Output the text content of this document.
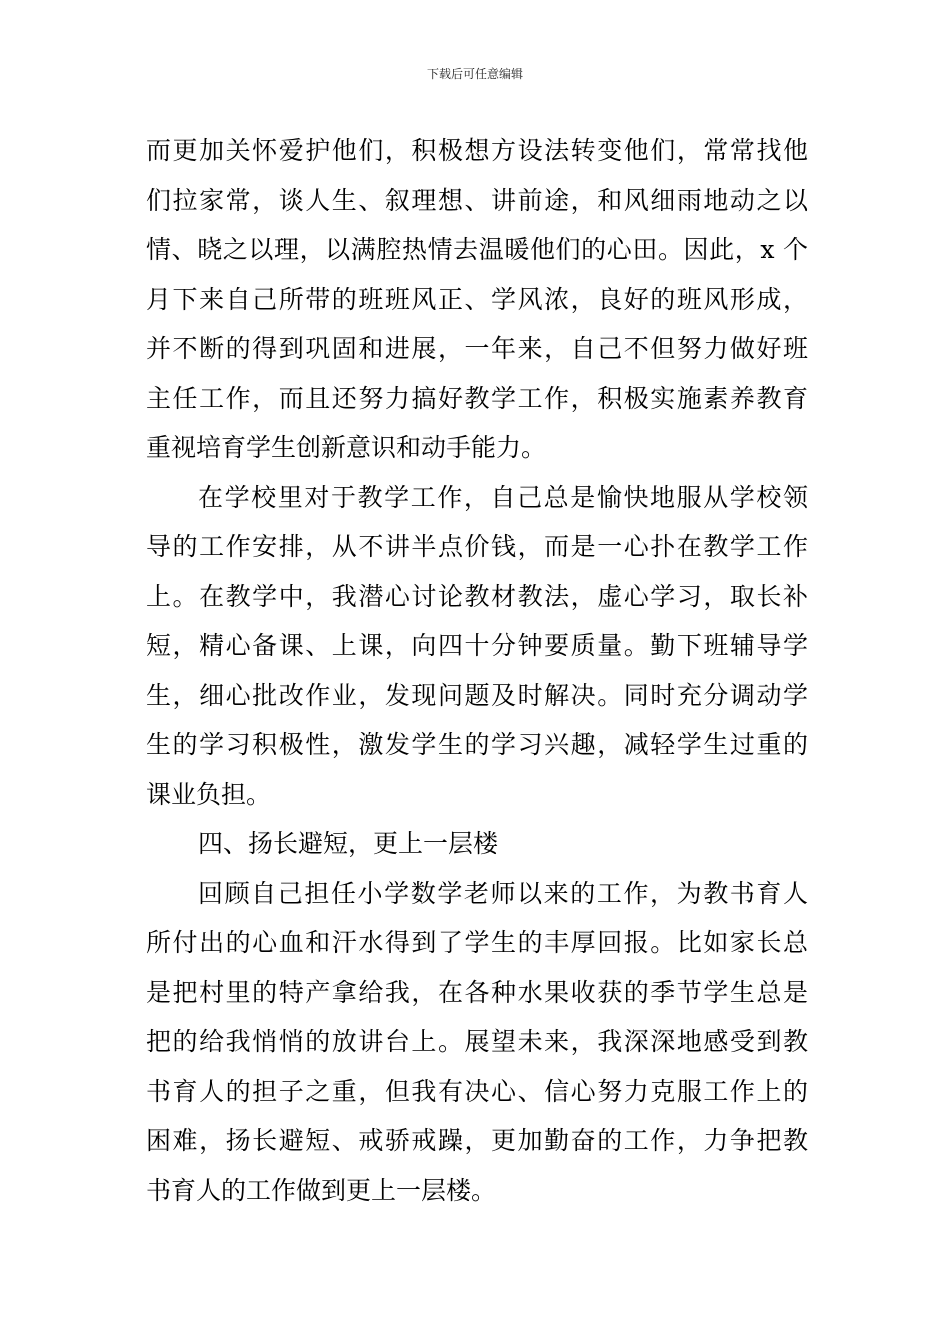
下载后可任意编辑
而更加关怀爱护他们，积极想方设法转变他们，常常找他
们拉家常，谈人生、叙理想、讲前途，和风细雨地动之以
情、晓之以理，以满腔热情去温暖他们的心田。因此，x 个
月下来自己所带的班班风正、学风浓，良好的班风形成，
并不断的得到巩固和进展，一年来，自己不但努力做好班
主任工作，而且还努力搞好教学工作，积极实施素养教育
重视培育学生创新意识和动手能力。
在学校里对于教学工作，自己总是愉快地服从学校领
导的工作安排，从不讲半点价钱，而是一心扑在教学工作
上。在教学中，我潜心讨论教材教法，虚心学习，取长补
短，精心备课、上课，向四十分钟要质量。勤下班辅导学
生，细心批改作业，发现问题及时解决。同时充分调动学
生的学习积极性，激发学生的学习兴趣，减轻学生过重的
课业负担。
四、扬长避短，更上一层楼
回顾自己担任小学数学老师以来的工作，为教书育人
所付出的心血和汗水得到了学生的丰厚回报。比如家长总
是把村里的特产拿给我，在各种水果收获的季节学生总是
把的给我悄悄的放讲台上。展望未来，我深深地感受到教
书育人的担子之重，但我有决心、信心努力克服工作上的
困难，扬长避短、戒骄戒躁，更加勤奋的工作，力争把教
书育人的工作做到更上一层楼。
